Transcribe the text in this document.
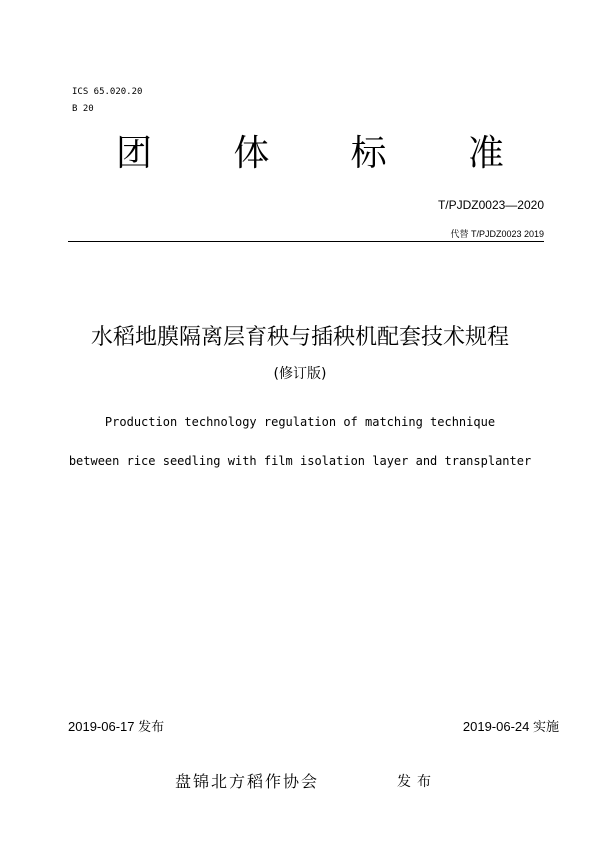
ICS 65.020.20
B 20
团 体 标 准
T/PJDZ0023—2020
代替 T/PJDZ0023 2019
水稻地膜隔离层育秧与插秧机配套技术规程
(修订版)
Production technology regulation of matching technique
between rice seedling with film isolation layer and transplanter
2019-06-17 发布	2019-06-24 实施
盘锦北方稻作协会	发布
